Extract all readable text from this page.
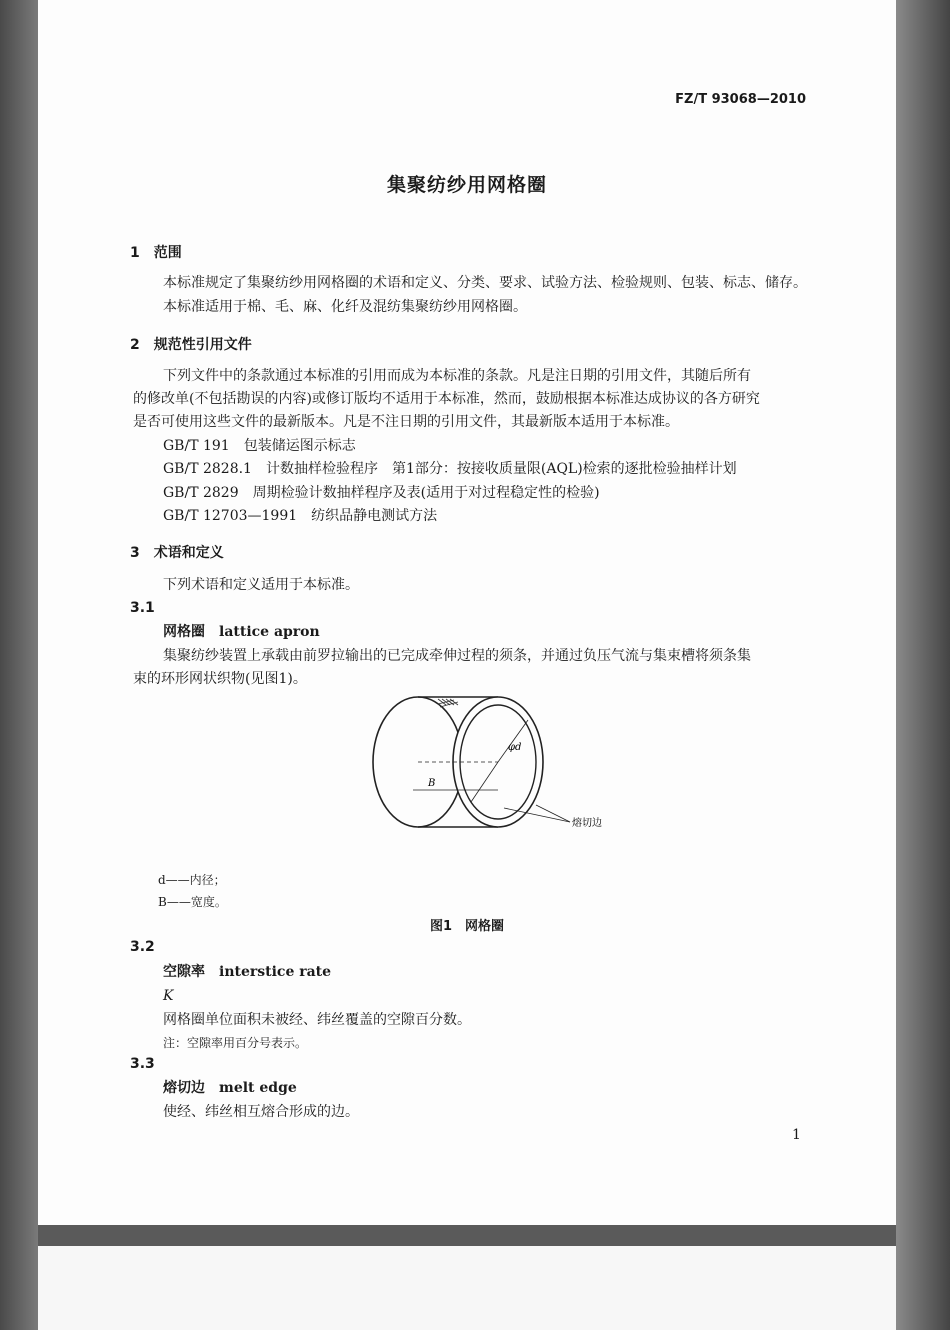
FZ/T 93068—2010
集聚纺纱用网格圈
1　范围
本标准规定了集聚纺纱用网格圈的术语和定义、分类、要求、试验方法、检验规则、包装、标志、储存。
本标准适用于棉、毛、麻、化纤及混纺集聚纺纱用网格圈。
2　规范性引用文件
下列文件中的条款通过本标准的引用而成为本标准的条款。凡是注日期的引用文件，其随后所有
的修改单(不包括勘误的内容)或修订版均不适用于本标准，然而，鼓励根据本标准达成协议的各方研究
是否可使用这些文件的最新版本。凡是不注日期的引用文件，其最新版本适用于本标准。
GB/T 191　包装储运图示标志
GB/T 2828.1　计数抽样检验程序　第1部分：按接收质量限(AQL)检索的逐批检验抽样计划
GB/T 2829　周期检验计数抽样程序及表(适用于对过程稳定性的检验)
GB/T 12703—1991　纺织品静电测试方法
3　术语和定义
下列术语和定义适用于本标准。
3.1
网格圈　lattice apron
集聚纺纱装置上承载由前罗拉输出的已完成牵伸过程的须条，并通过负压气流与集束槽将须条集
束的环形网状织物(见图1)。
φd
B
熔切边
d——内径；
B——宽度。
图1　网格圈
3.2
空隙率　interstice rate
K
网格圈单位面积未被经、纬丝覆盖的空隙百分数。
注：空隙率用百分号表示。
3.3
熔切边　melt edge
使经、纬丝相互熔合形成的边。
1
